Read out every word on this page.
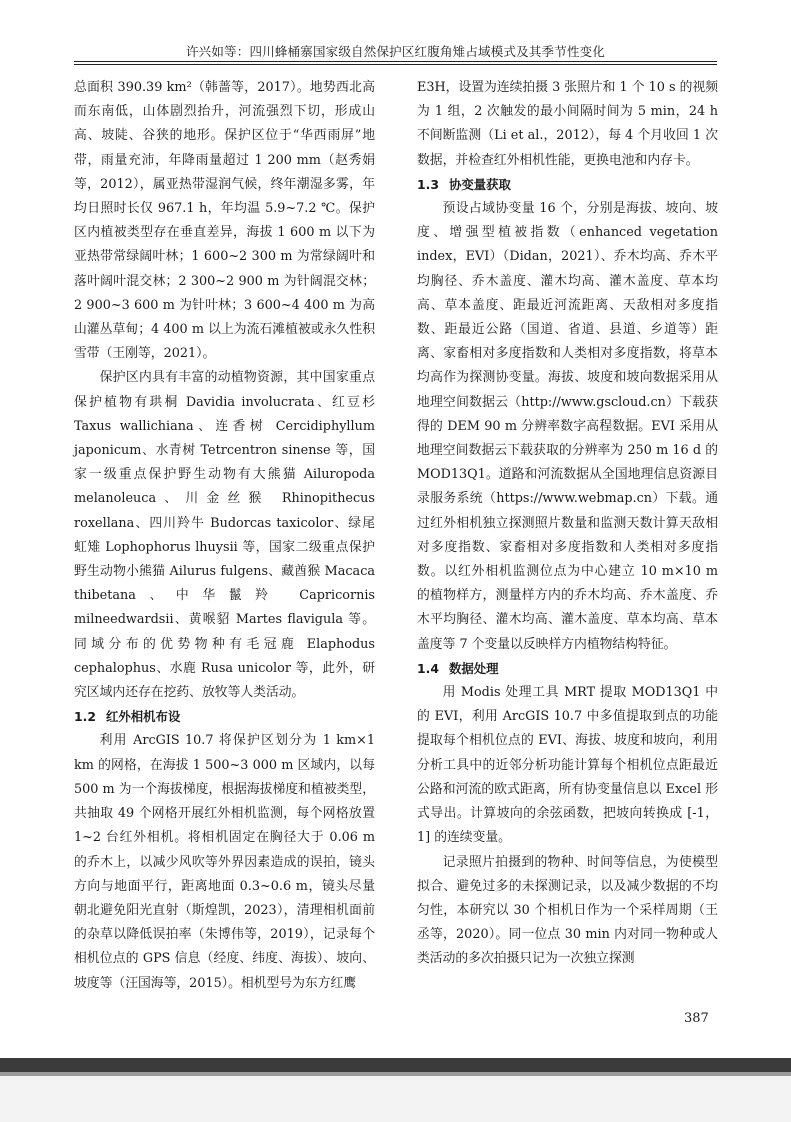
许兴如等：四川蜂桶寨国家级自然保护区红腹角雉占域模式及其季节性变化

总面积 390.39 km²（韩蔷等，2017）。地势西北高而东南低，山体剧烈抬升，河流强烈下切，形成山高、坡陡、谷狭的地形。保护区位于“华西雨屏”地带，雨量充沛，年降雨量超过 1 200 mm（赵秀娟等，2012），属亚热带湿润气候，终年潮湿多雾，年均日照时长仅 967.1 h，年均温 5.9~7.2 ℃。保护区内植被类型存在垂直差异，海拔 1 600 m 以下为亚热带常绿阔叶林；1 600~2 300 m 为常绿阔叶和落叶阔叶混交林；2 300~2 900 m 为针阔混交林；2 900~3 600 m 为针叶林；3 600~4 400 m 为高山灌丛草甸；4 400 m 以上为流石滩植被或永久性积雪带（王刚等，2021）。

保护区内具有丰富的动植物资源，其中国家重点保护植物有珙桐 Davidia involucrata、红豆杉 Taxus wallichiana、连香树 Cercidiphyllum japonicum、水青树 Tetrcentron sinense 等，国家一级重点保护野生动物有大熊猫 Ailuropoda melanoleuca、川金丝猴 Rhinopithecus roxellana、四川羚牛 Budorcas taxicolor、绿尾虹雉 Lophophorus lhuysii 等，国家二级重点保护野生动物小熊猫 Ailurus fulgens、藏酋猴 Macaca thibetana、中华鬣羚 Capricornis milneedwardsii、黄喉貂 Martes flavigula 等。同域分布的优势物种有毛冠鹿 Elaphodus cephalophus、水鹿 Rusa unicolor 等，此外，研究区域内还存在挖药、放牧等人类活动。

1.2 红外相机布设

利用 ArcGIS 10.7 将保护区划分为 1 km×1 km 的网格，在海拔 1 500~3 000 m 区域内，以每 500 m 为一个海拔梯度，根据海拔梯度和植被类型，共抽取 49 个网格开展红外相机监测，每个网格放置 1~2 台红外相机。将相机固定在胸径大于 0.06 m 的乔木上，以减少风吹等外界因素造成的误拍，镜头方向与地面平行，距离地面 0.3~0.6 m，镜头尽量朝北避免阳光直射（斯煌凯，2023），清理相机面前的杂草以降低误拍率（朱博伟等，2019），记录每个相机位点的 GPS 信息（经度、纬度、海拔）、坡向、坡度等（汪国海等，2015）。相机型号为东方红鹰

E3H，设置为连续拍摄 3 张照片和 1 个 10 s 的视频为 1 组，2 次触发的最小间隔时间为 5 min，24 h 不间断监测（Li et al.，2012），每 4 个月收回 1 次数据，并检查红外相机性能，更换电池和内存卡。

1.3 协变量获取

预设占域协变量 16 个，分别是海拔、坡向、坡度、增强型植被指数（enhanced vegetation index，EVI）（Didan，2021）、乔木均高、乔木平均胸径、乔木盖度、灌木均高、灌木盖度、草本均高、草本盖度、距最近河流距离、天敌相对多度指数、距最近公路（国道、省道、县道、乡道等）距离、家畜相对多度指数和人类相对多度指数，将草本均高作为探测协变量。海拔、坡度和坡向数据采用从地理空间数据云（http://www.gscloud.cn）下载获得的 DEM 90 m 分辨率数字高程数据。EVI 采用从地理空间数据云下载获取的分辨率为 250 m 16 d 的 MOD13Q1。道路和河流数据从全国地理信息资源目录服务系统（https://www.webmap.cn）下载。通过红外相机独立探测照片数量和监测天数计算天敌相对多度指数、家畜相对多度指数和人类相对多度指数。以红外相机监测位点为中心建立 10 m×10 m 的植物样方，测量样方内的乔木均高、乔木盖度、乔木平均胸径、灌木均高、灌木盖度、草本均高、草本盖度等 7 个变量以反映样方内植物结构特征。

1.4 数据处理

用 Modis 处理工具 MRT 提取 MOD13Q1 中的 EVI，利用 ArcGIS 10.7 中多值提取到点的功能提取每个相机位点的 EVI、海拔、坡度和坡向，利用分析工具中的近邻分析功能计算每个相机位点距最近公路和河流的欧式距离，所有协变量信息以 Excel 形式导出。计算坡向的余弦函数，把坡向转换成 [-1，1] 的连续变量。

记录照片拍摄到的物种、时间等信息，为使模型拟合、避免过多的未探测记录，以及减少数据的不均匀性，本研究以 30 个相机日作为一个采样周期（王丞等，2020）。同一位点 30 min 内对同一物种或人类活动的多次拍摄只记为一次独立探测

387
